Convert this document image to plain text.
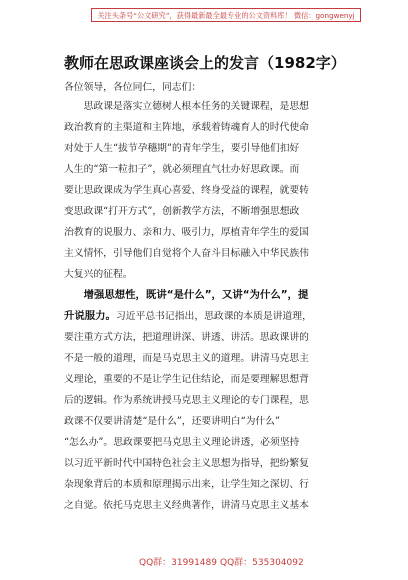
关注头条号“公文研究”，获得最新最全最专业的公文资料库！ 微信：gongwenyj
教师在思政课座谈会上的发言（1982字）
各位领导，各位同仁，同志们：
　　思政课是落实立德树人根本任务的关键课程，是思想
政治教育的主渠道和主阵地，承载着铸魂育人的时代使命
对处于人生“拔节孕穗期”的青年学生，要引导他们扣好
人生的“第一粒扣子”，就必须理直气壮办好思政课。而
要让思政课成为学生真心喜爱、终身受益的课程，就要转
变思政课“打开方式”，创新教学方法，不断增强思想政
治教育的说服力、亲和力、吸引力，厚植青年学生的爱国
主义情怀，引导他们自觉将个人奋斗目标融入中华民族伟
大复兴的征程。
　　增强思想性，既讲“是什么”，又讲“为什么”，提
升说服力。习近平总书记指出，思政课的本质是讲道理，
要注重方式方法，把道理讲深、讲透、讲活。思政课讲的
不是一般的道理，而是马克思主义的道理。讲清马克思主
义理论，重要的不是让学生记住结论，而是要理解思想背
后的逻辑。作为系统讲授马克思主义理论的专门课程，思
政课不仅要讲清楚“是什么”，还要讲明白“为什么”
“怎么办”。思政课要把马克思主义理论讲透，必须坚持
以习近平新时代中国特色社会主义思想为指导，把纷繁复
杂现象背后的本质和原理揭示出来，让学生知之深切、行
之自觉。依托马克思主义经典著作，讲清马克思主义基本
QQ群：31991489 QQ群：535304092
